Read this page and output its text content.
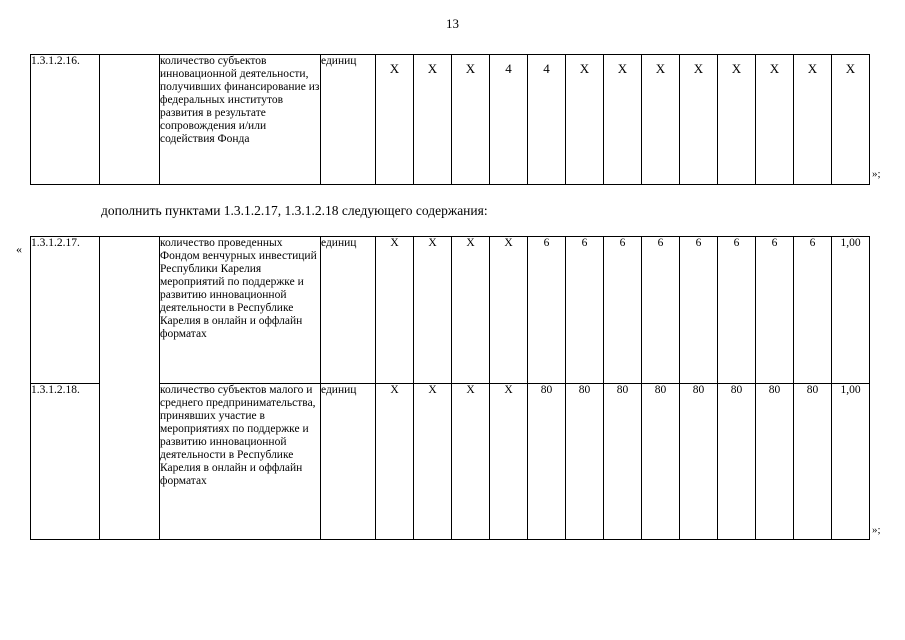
13
1.3.1.2.16.		количество субъектов инновационной деятельности, получивших финансирование из федеральных институтов развития в результате сопровождения и/или содействия Фонда	единиц	X	X	X	4	4	X	X	X	X	X	X	X	X
»;
дополнить пунктами 1.3.1.2.17, 1.3.1.2.18 следующего содержания:
« 1.3.1.2.17.		количество проведенных Фондом венчурных инвестиций Республики Карелия мероприятий по поддержке и развитию инновационной деятельности в Республике Карелия в онлайн и оффлайн форматах	единиц	X	X	X	X	6	6	6	6	6	6	6	6	1,00
1.3.1.2.18.		количество субъектов малого и среднего предпринимательства, принявших участие в мероприятиях по поддержке и развитию инновационной деятельности в Республике Карелия в онлайн и оффлайн форматах	единиц	X	X	X	X	80	80	80	80	80	80	80	80	1,00
»;
